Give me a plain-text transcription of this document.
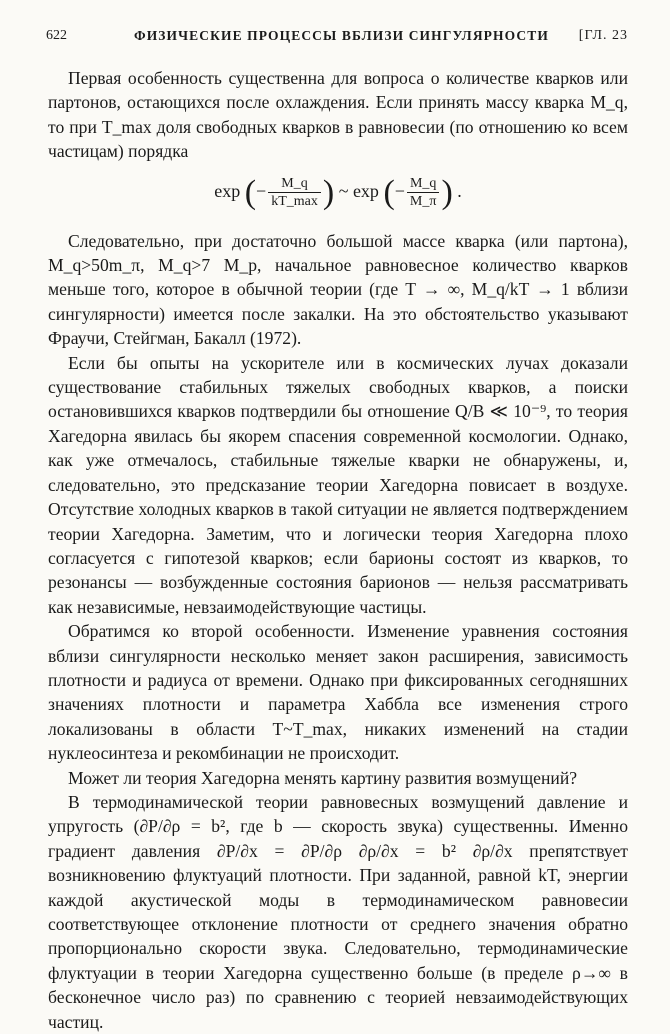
622	ФИЗИЧЕСКИЕ ПРОЦЕССЫ ВБЛИЗИ СИНГУЛЯРНОСТИ [ГЛ. 23

Первая особенность существенна для вопроса о количестве кварков или партонов, остающихся после охлаждения. Если принять массу кварка M_q, то при T_max доля свободных кварков в равновесии (по отношению ко всем частицам) порядка

exp (− $\frac{M\_q}{kT\_\max}$ ) ~ exp (− $\frac{M\_q}{M\_\pi}$ ) .

Следовательно, при достаточно большой массе кварка (или партона), M_q>50m_π, M_q>7 M_p, начальное равновесное количество кварков меньше того, которое в обычной теории (где T → ∞, M_q/kT → 1 вблизи сингулярности) имеется после закалки. На это обстоятельство указывают Фраучи, Стейгман, Бакалл (1972).

Если бы опыты на ускорителе или в космических лучах доказали существование стабильных тяжелых свободных кварков, а поиски остановившихся кварков подтвердили бы отношение Q/B ≪ 10⁻⁹, то теория Хагедорна явилась бы якорем спасения современной космологии. Однако, как уже отмечалось, стабильные тяжелые кварки не обнаружены, и, следовательно, это предсказание теории Хагедорна повисает в воздухе. Отсутствие холодных кварков в такой ситуации не является подтверждением теории Хагедорна. Заметим, что и логически теория Хагедорна плохо согласуется с гипотезой кварков; если барионы состоят из кварков, то резонансы — возбужденные состояния барионов — нельзя рассматривать как независимые, невзаимодействующие частицы.

Обратимся ко второй особенности. Изменение уравнения состояния вблизи сингулярности несколько меняет закон расширения, зависимость плотности и радиуса от времени. Однако при фиксированных сегодняшних значениях плотности и параметра Хаббла все изменения строго локализованы в области T~T_max, никаких изменений на стадии нуклеосинтеза и рекомбинации не происходит.

Может ли теория Хагедорна менять картину развития возмущений?

В термодинамической теории равновесных возмущений давление и упругость (∂P/∂ρ = b², где b — скорость звука) существенны. Именно градиент давления ∂P/∂x = ∂P/∂ρ ∂ρ/∂x = b² ∂ρ/∂x препятствует возникновению флуктуаций плотности. При заданной, равной kT, энергии каждой акустической моды в термодинамическом равновесии соответствующее отклонение плотности от среднего значения обратно пропорционально скорости звука. Следовательно, термодинамические флуктуации в теории Хагедорна существенно больше (в пределе ρ→∞ в бесконечное число раз) по сравнению с теорией невзаимодействующих частиц.
